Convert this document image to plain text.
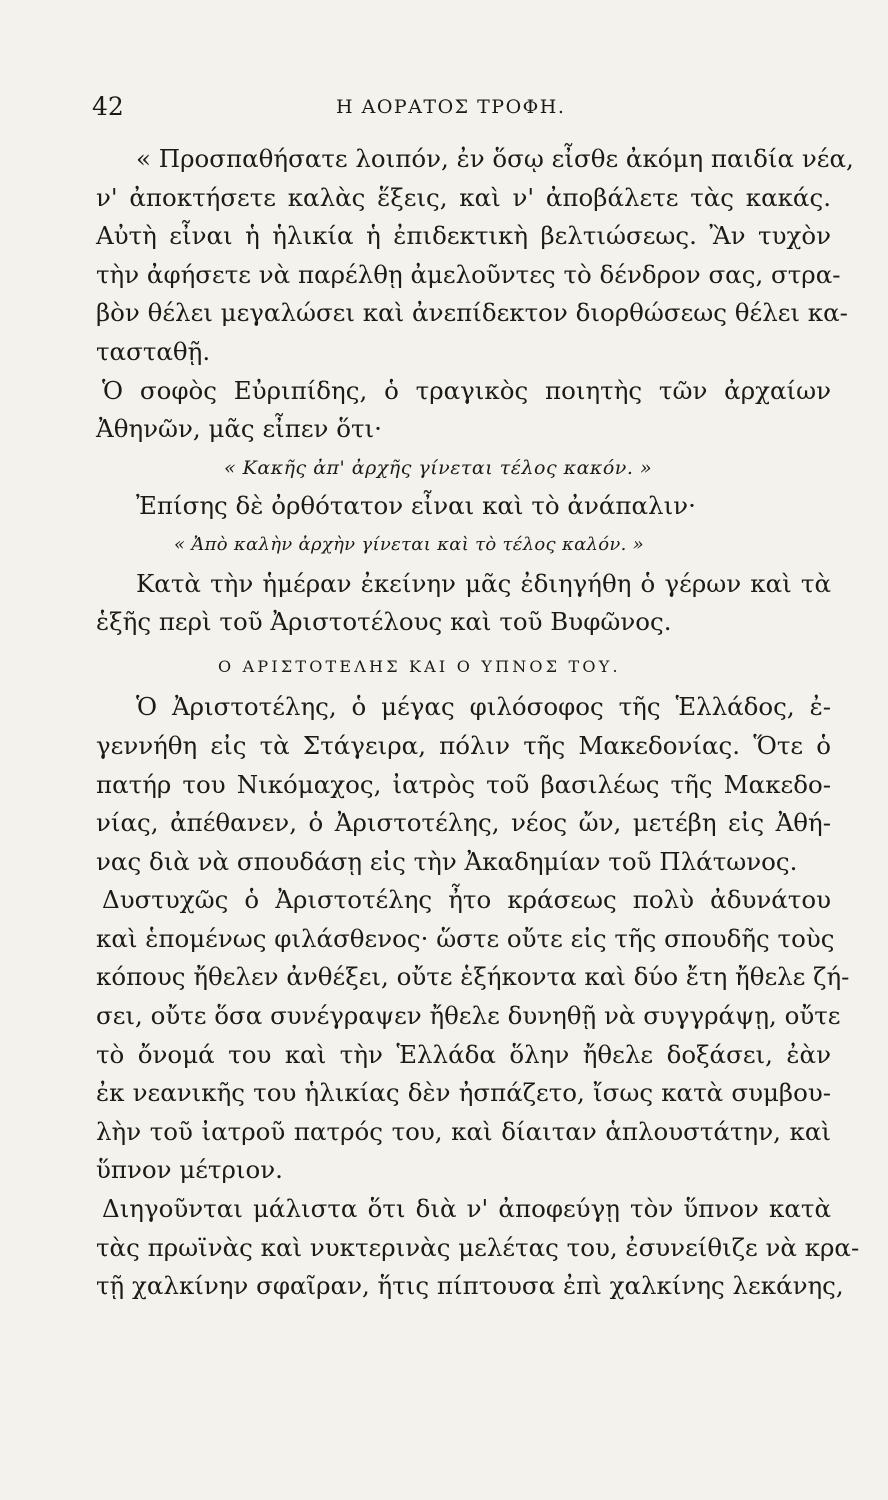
42	Η ΑΟΡΑΤΟΣ ΤΡΟΦΗ.
« Προσπαθήσατε λοιπόν, ἐν ὅσῳ εἶσθε ἀκόμη παιδία νέα,
ν' ἀποκτήσετε καλὰς ἕξεις, καὶ ν' ἀποβάλετε τὰς κακάς.
Αὐτὴ εἶναι ἡ ἡλικία ἡ ἐπιδεκτικὴ βελτιώσεως. Ἂν τυχὸν
τὴν ἀφήσετε νὰ παρέλθῃ ἀμελοῦντες τὸ δένδρον σας, στρα-
βὸν θέλει μεγαλώσει καὶ ἀνεπίδεκτον διορθώσεως θέλει κα-
τασταθῇ.
Ὁ σοφὸς Εὐριπίδης, ὁ τραγικὸς ποιητὴς τῶν ἀρχαίων
Ἀθηνῶν, μᾶς εἶπεν ὅτι·
« Κακῆς ἀπ' ἀρχῆς γίνεται τέλος κακόν. »
Ἐπίσης δὲ ὀρθότατον εἶναι καὶ τὸ ἀνάπαλιν·
« Ἀπὸ καλὴν ἀρχὴν γίνεται καὶ τὸ τέλος καλόν. »
Κατὰ τὴν ἡμέραν ἐκείνην μᾶς ἐδιηγήθη ὁ γέρων καὶ τὰ
ἑξῆς περὶ τοῦ Ἀριστοτέλους καὶ τοῦ Βυφῶνος.
Ο ΑΡΙΣΤΟΤΕΛΗΣ ΚΑΙ Ο ΥΠΝΟΣ ΤΟΥ.
Ὁ Ἀριστοτέλης, ὁ μέγας φιλόσοφος τῆς Ἑλλάδος, ἐ-
γεννήθη εἰς τὰ Στάγειρα, πόλιν τῆς Μακεδονίας. Ὅτε ὁ
πατήρ του Νικόμαχος, ἰατρὸς τοῦ βασιλέως τῆς Μακεδο-
νίας, ἀπέθανεν, ὁ Ἀριστοτέλης, νέος ὤν, μετέβη εἰς Ἀθή-
νας διὰ νὰ σπουδάσῃ εἰς τὴν Ἀκαδημίαν τοῦ Πλάτωνος.
Δυστυχῶς ὁ Ἀριστοτέλης ἦτο κράσεως πολὺ ἀδυνάτου
καὶ ἑπομένως φιλάσθενος· ὥστε οὔτε εἰς τῆς σπουδῆς τοὺς
κόπους ἤθελεν ἀνθέξει, οὔτε ἑξήκοντα καὶ δύο ἔτη ἤθελε ζή-
σει, οὔτε ὅσα συνέγραψεν ἤθελε δυνηθῇ νὰ συγγράψῃ, οὔτε
τὸ ὄνομά του καὶ τὴν Ἑλλάδα ὅλην ἤθελε δοξάσει, ἐὰν
ἐκ νεανικῆς του ἡλικίας δὲν ἠσπάζετο, ἴσως κατὰ συμβου-
λὴν τοῦ ἰατροῦ πατρός του, καὶ δίαιταν ἁπλουστάτην, καὶ
ὕπνον μέτριον.
Διηγοῦνται μάλιστα ὅτι διὰ ν' ἀποφεύγῃ τὸν ὕπνον κατὰ
τὰς πρωϊνὰς καὶ νυκτερινὰς μελέτας του, ἐσυνείθιζε νὰ κρα-
τῇ χαλκίνην σφαῖραν, ἥτις πίπτουσα ἐπὶ χαλκίνης λεκάνης,
